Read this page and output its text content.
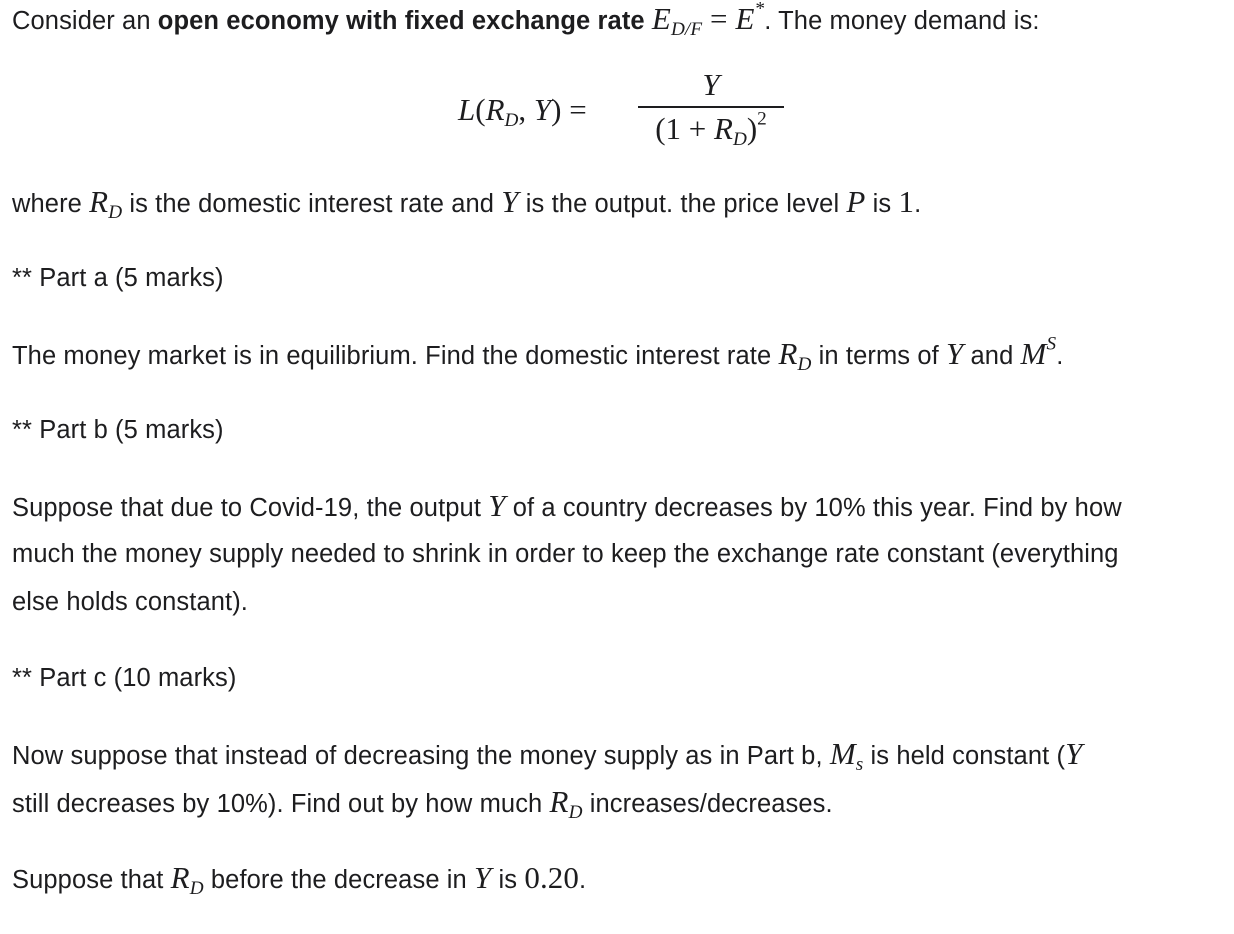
Consider an open economy with fixed exchange rate $E_{D/F} = E^*$. The money demand is:
$L(R_D$, Y) =
Y
$(1 + R_D)^2$
where $R_D$ is the domestic interest rate and Y is the output. the price level P is 1.
** Part a (5 marks)
The money market is in equilibrium. Find the domestic interest rate $R_D$ in terms of Y and $M^S$.
** Part b (5 marks)
Suppose that due to Covid-19, the output Y of a country decreases by 10% this year. Find by how
much the money supply needed to shrink in order to keep the exchange rate constant (everything
else holds constant).
** Part c (10 marks)
Now suppose that instead of decreasing the money supply as in Part b, $M_s$ is held constant (Y
still decreases by 10%). Find out by how much $R_D$ increases/decreases.
Suppose that $R_D$ before the decrease in Y is 0.20.
